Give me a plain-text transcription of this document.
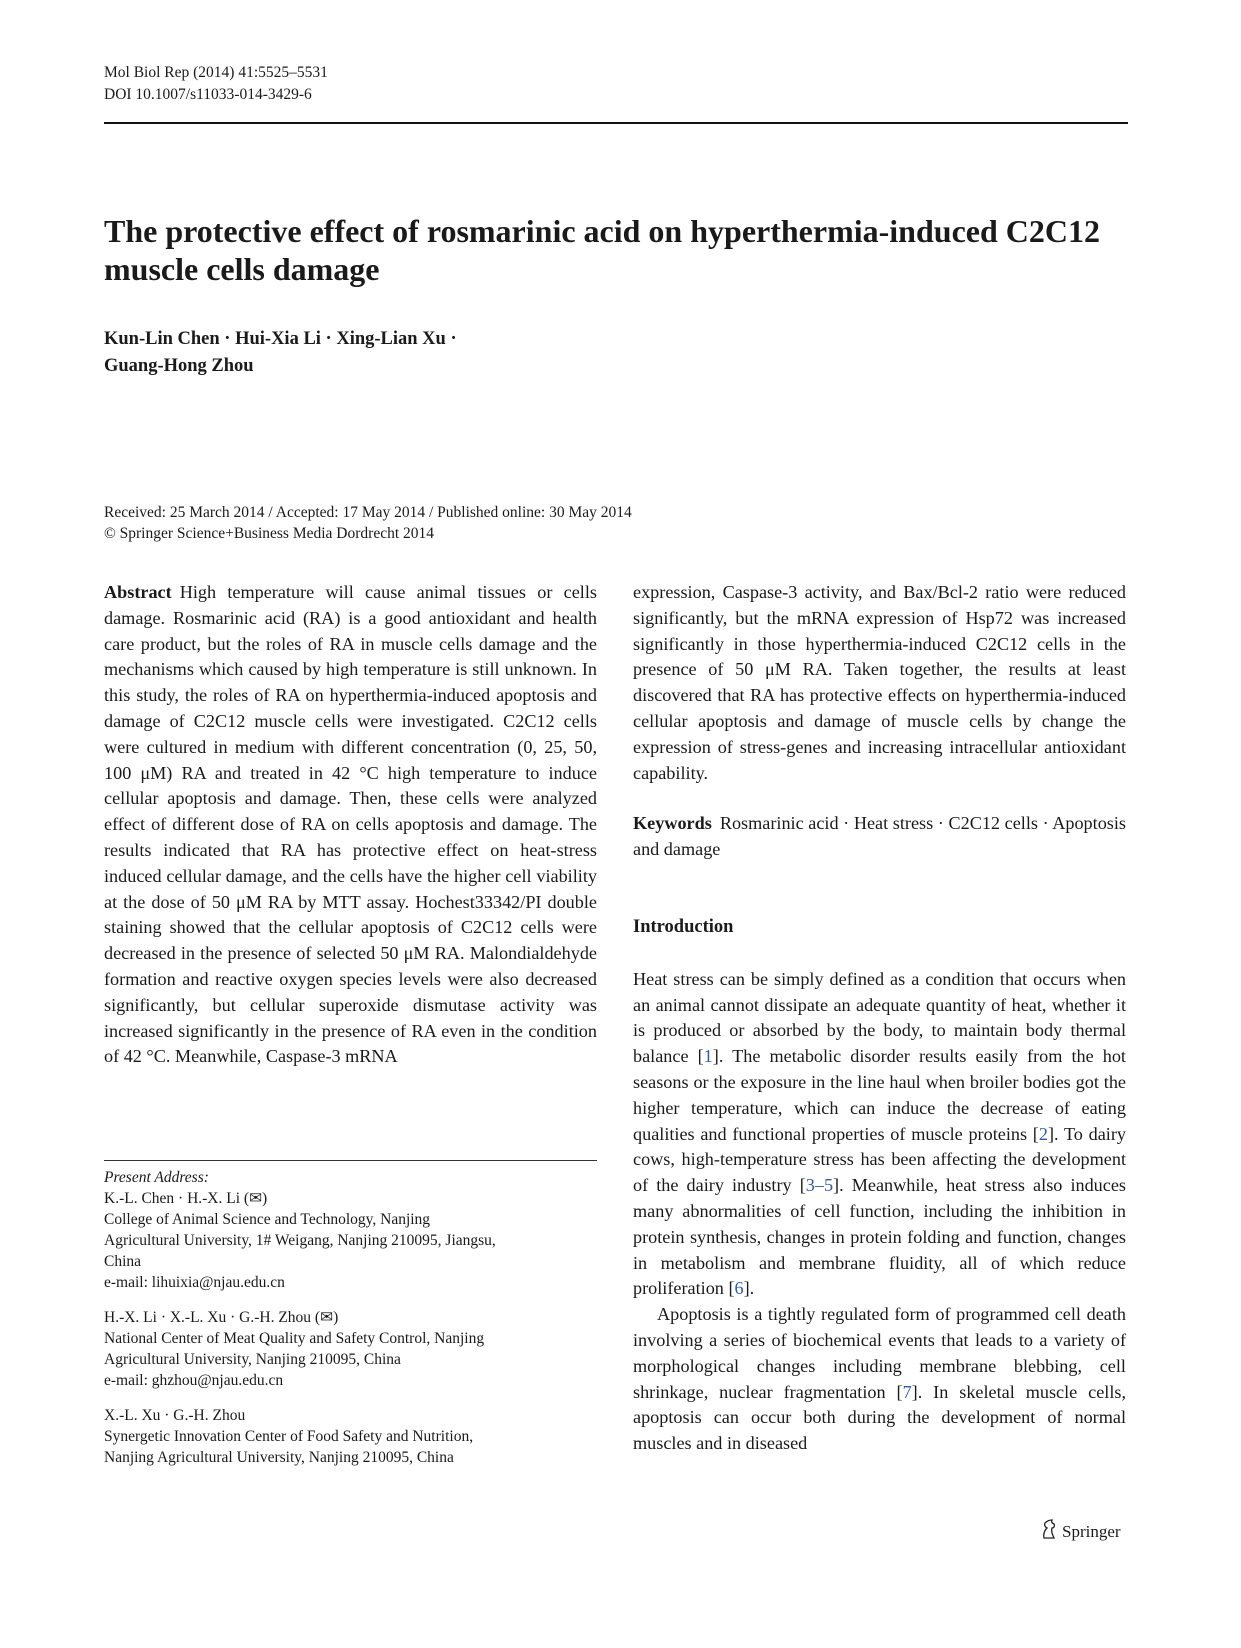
Mol Biol Rep (2014) 41:5525–5531
DOI 10.1007/s11033-014-3429-6
The protective effect of rosmarinic acid on hyperthermia-induced C2C12 muscle cells damage
Kun-Lin Chen · Hui-Xia Li · Xing-Lian Xu ·
Guang-Hong Zhou
Received: 25 March 2014 / Accepted: 17 May 2014 / Published online: 30 May 2014
© Springer Science+Business Media Dordrecht 2014

Abstract High temperature will cause animal tissues or cells damage. Rosmarinic acid (RA) is a good antioxidant and health care product, but the roles of RA in muscle cells damage and the mechanisms which caused by high temperature is still unknown. In this study, the roles of RA on hyperthermia-induced apoptosis and damage of C2C12 muscle cells were investigated. C2C12 cells were cultured in medium with different concentration (0, 25, 50, 100 μM) RA and treated in 42 °C high temperature to induce cellular apoptosis and damage. Then, these cells were analyzed effect of different dose of RA on cells apoptosis and damage. The results indicated that RA has protective effect on heat-stress induced cellular damage, and the cells have the higher cell viability at the dose of 50 μM RA by MTT assay. Hochest33342/PI double staining showed that the cellular apoptosis of C2C12 cells were decreased in the presence of selected 50 μM RA. Malondialdehyde formation and reactive oxygen species levels were also decreased significantly, but cellular superoxide dismutase activity was increased significantly in the presence of RA even in the condition of 42 °C. Meanwhile, Caspase-3 mRNA

Present Address:
K.-L. Chen · H.-X. Li (✉)
College of Animal Science and Technology, Nanjing
Agricultural University, 1# Weigang, Nanjing 210095, Jiangsu,
China
e-mail: lihuixia@njau.edu.cn
H.-X. Li · X.-L. Xu · G.-H. Zhou (✉)
National Center of Meat Quality and Safety Control, Nanjing
Agricultural University, Nanjing 210095, China
e-mail: ghzhou@njau.edu.cn
X.-L. Xu · G.-H. Zhou
Synergetic Innovation Center of Food Safety and Nutrition,
Nanjing Agricultural University, Nanjing 210095, China

expression, Caspase-3 activity, and Bax/Bcl-2 ratio were reduced significantly, but the mRNA expression of Hsp72 was increased significantly in those hyperthermia-induced C2C12 cells in the presence of 50 μM RA. Taken together, the results at least discovered that RA has protective effects on hyperthermia-induced cellular apoptosis and damage of muscle cells by change the expression of stress-genes and increasing intracellular antioxidant capability.

Keywords Rosmarinic acid · Heat stress · C2C12 cells · Apoptosis and damage

Introduction

Heat stress can be simply defined as a condition that occurs when an animal cannot dissipate an adequate quantity of heat, whether it is produced or absorbed by the body, to maintain body thermal balance [1]. The metabolic disorder results easily from the hot seasons or the exposure in the line haul when broiler bodies got the higher temperature, which can induce the decrease of eating qualities and functional properties of muscle proteins [2]. To dairy cows, high-temperature stress has been affecting the development of the dairy industry [3–5]. Meanwhile, heat stress also induces many abnormalities of cell function, including the inhibition in protein synthesis, changes in protein folding and function, changes in metabolism and membrane fluidity, all of which reduce proliferation [6].

Apoptosis is a tightly regulated form of programmed cell death involving a series of biochemical events that leads to a variety of morphological changes including membrane blebbing, cell shrinkage, nuclear fragmentation [7]. In skeletal muscle cells, apoptosis can occur both during the development of normal muscles and in diseased

Springer
